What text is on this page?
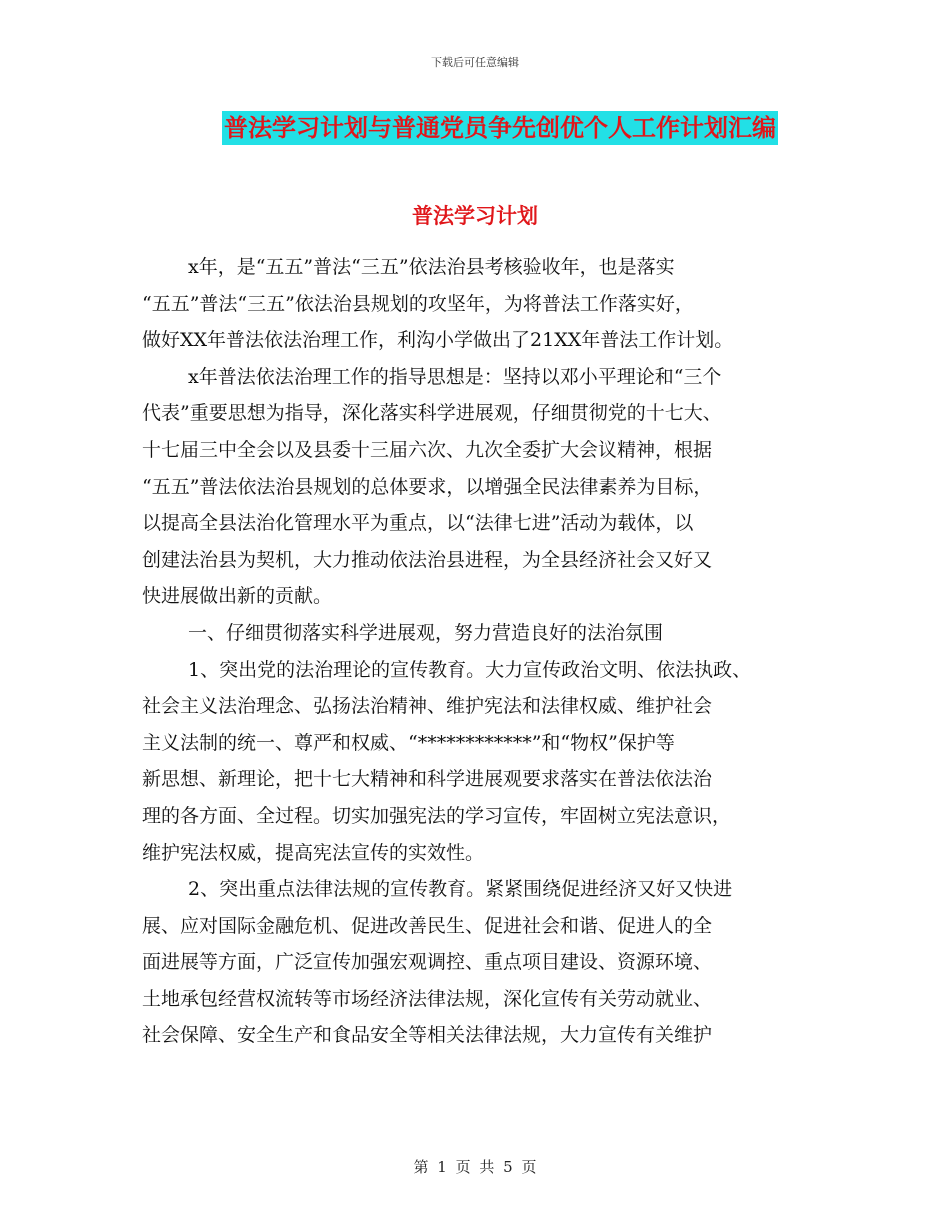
下载后可任意编辑
普法学习计划与普通党员争先创优个人工作计划汇编
普法学习计划
x年，是“五五”普法“三五”依法治县考核验收年，也是落实
“五五”普法“三五”依法治县规划的攻坚年，为将普法工作落实好，
做好XX年普法依法治理工作，利沟小学做出了21XX年普法工作计划。
x年普法依法治理工作的指导思想是：坚持以邓小平理论和“三个
代表”重要思想为指导，深化落实科学进展观，仔细贯彻党的十七大、
十七届三中全会以及县委十三届六次、九次全委扩大会议精神，根据
“五五”普法依法治县规划的总体要求，以增强全民法律素养为目标，
以提高全县法治化管理水平为重点，以“法律七进”活动为载体，以
创建法治县为契机，大力推动依法治县进程，为全县经济社会又好又
快进展做出新的贡献。
一、仔细贯彻落实科学进展观，努力营造良好的法治氛围
1、突出党的法治理论的宣传教育。大力宣传政治文明、依法执政、
社会主义法治理念、弘扬法治精神、维护宪法和法律权威、维护社会
主义法制的统一、尊严和权威、“************”和“物权”保护等
新思想、新理论，把十七大精神和科学进展观要求落实在普法依法治
理的各方面、全过程。切实加强宪法的学习宣传，牢固树立宪法意识，
维护宪法权威，提高宪法宣传的实效性。
2、突出重点法律法规的宣传教育。紧紧围绕促进经济又好又快进
展、应对国际金融危机、促进改善民生、促进社会和谐、促进人的全
面进展等方面，广泛宣传加强宏观调控、重点项目建设、资源环境、
土地承包经营权流转等市场经济法律法规，深化宣传有关劳动就业、
社会保障、安全生产和食品安全等相关法律法规，大力宣传有关维护
第 1 页 共 5 页
